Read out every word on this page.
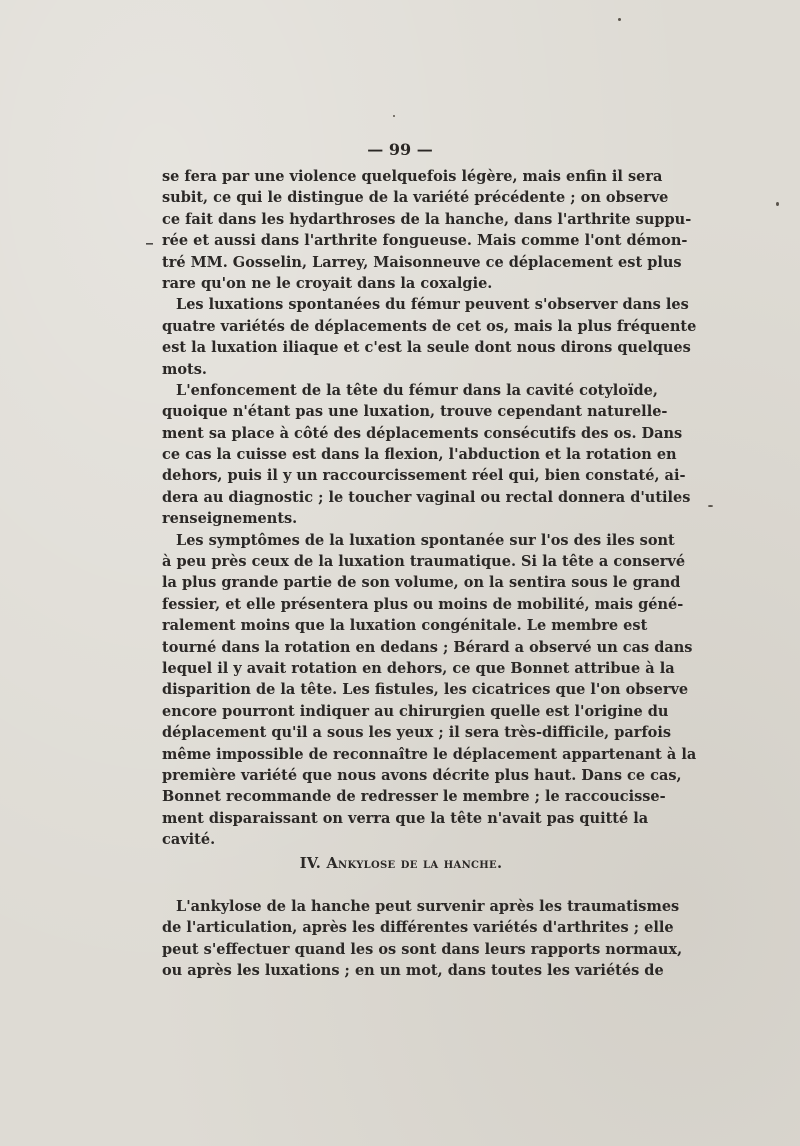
— 99 —
_
se fera par une violence quelquefois légère, mais enfin il sera
subit, ce qui le distingue de la variété précédente ; on observe
ce fait dans les hydarthroses de la hanche, dans l'arthrite suppu-
rée et aussi dans l'arthrite fongueuse. Mais comme l'ont démon-
tré MM. Gosselin, Larrey, Maisonneuve ce déplacement est plus
rare qu'on ne le croyait dans la coxalgie.
Les luxations spontanées du fémur peuvent s'observer dans les
quatre variétés de déplacements de cet os, mais la plus fréquente
est la luxation iliaque et c'est la seule dont nous dirons quelques
mots.
L'enfoncement de la tête du fémur dans la cavité cotyloïde,
quoique n'étant pas une luxation, trouve cependant naturelle-
ment sa place à côté des déplacements consécutifs des os. Dans
ce cas la cuisse est dans la flexion, l'abduction et la rotation en
dehors, puis il y un raccourcissement réel qui, bien constaté, ai-
dera au diagnostic ; le toucher vaginal ou rectal donnera d'utiles
renseignements.
Les symptômes de la luxation spontanée sur l'os des iles sont
à peu près ceux de la luxation traumatique. Si la tête a conservé
la plus grande partie de son volume, on la sentira sous le grand
fessier, et elle présentera plus ou moins de mobilité, mais géné-
ralement moins que la luxation congénitale. Le membre est
tourné dans la rotation en dedans ; Bérard a observé un cas dans
lequel il y avait rotation en dehors, ce que Bonnet attribue à la
disparition de la tête. Les fistules, les cicatrices que l'on observe
encore pourront indiquer au chirurgien quelle est l'origine du
déplacement qu'il a sous les yeux ; il sera très-difficile, parfois
même impossible de reconnaître le déplacement appartenant à la
première variété que nous avons décrite plus haut. Dans ce cas,
Bonnet recommande de redresser le membre ; le raccoucisse-
ment disparaissant on verra que la tête n'avait pas quitté la
cavité.
IV. Ankylose de la hanche.
L'ankylose de la hanche peut survenir après les traumatismes
de l'articulation, après les différentes variétés d'arthrites ; elle
peut s'effectuer quand les os sont dans leurs rapports normaux,
ou après les luxations ; en un mot, dans toutes les variétés de
